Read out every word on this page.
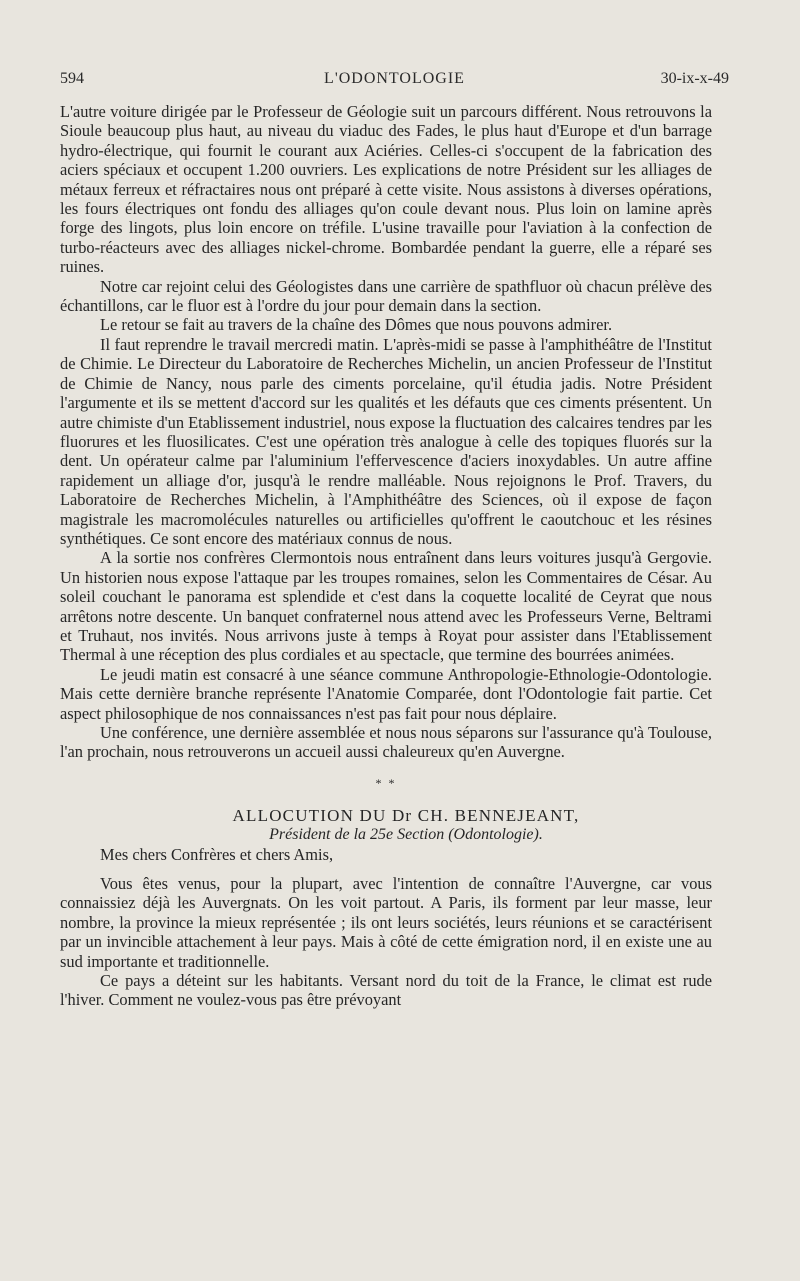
594	L'ODONTOLOGIE	30-ix-x-49

L'autre voiture dirigée par le Professeur de Géologie suit un parcours différent. Nous retrouvons la Sioule beaucoup plus haut, au niveau du viaduc des Fades, le plus haut d'Europe et d'un barrage hydro-électrique, qui fournit le courant aux Aciéries. Celles-ci s'occupent de la fabrication des aciers spéciaux et occupent 1.200 ouvriers. Les explications de notre Président sur les alliages de métaux ferreux et réfractaires nous ont préparé à cette visite. Nous assistons à diverses opérations, les fours électriques ont fondu des alliages qu'on coule devant nous. Plus loin on lamine après forge des lingots, plus loin encore on tréfile. L'usine travaille pour l'aviation à la confection de turbo-réacteurs avec des alliages nickel-chrome. Bombardée pendant la guerre, elle a réparé ses ruines.

Notre car rejoint celui des Géologistes dans une carrière de spathfluor où chacun prélève des échantillons, car le fluor est à l'ordre du jour pour demain dans la section.

Le retour se fait au travers de la chaîne des Dômes que nous pouvons admirer.

Il faut reprendre le travail mercredi matin. L'après-midi se passe à l'amphithéâtre de l'Institut de Chimie. Le Directeur du Laboratoire de Recherches Michelin, un ancien Professeur de l'Institut de Chimie de Nancy, nous parle des ciments porcelaine, qu'il étudia jadis. Notre Président l'argumente et ils se mettent d'accord sur les qualités et les défauts que ces ciments présentent. Un autre chimiste d'un Etablissement industriel, nous expose la fluctuation des calcaires tendres par les fluorures et les fluosilicates. C'est une opération très analogue à celle des topiques fluorés sur la dent. Un opérateur calme par l'aluminium l'effervescence d'aciers inoxydables. Un autre affine rapidement un alliage d'or, jusqu'à le rendre malléable. Nous rejoignons le Prof. Travers, du Laboratoire de Recherches Michelin, à l'Amphithéâtre des Sciences, où il expose de façon magistrale les macromolécules naturelles ou artificielles qu'offrent le caoutchouc et les résines synthétiques. Ce sont encore des matériaux connus de nous.

A la sortie nos confrères Clermontois nous entraînent dans leurs voitures jusqu'à Gergovie. Un historien nous expose l'attaque par les troupes romaines, selon les Commentaires de César. Au soleil couchant le panorama est splendide et c'est dans la coquette localité de Ceyrat que nous arrêtons notre descente. Un banquet confraternel nous attend avec les Professeurs Verne, Beltrami et Truhaut, nos invités. Nous arrivons juste à temps à Royat pour assister dans l'Etablissement Thermal à une réception des plus cordiales et au spectacle, que termine des bourrées animées.

Le jeudi matin est consacré à une séance commune Anthropologie-Ethnologie-Odontologie. Mais cette dernière branche représente l'Anatomie Comparée, dont l'Odontologie fait partie. Cet aspect philosophique de nos connaissances n'est pas fait pour nous déplaire.

Une conférence, une dernière assemblée et nous nous séparons sur l'assurance qu'à Toulouse, l'an prochain, nous retrouverons un accueil aussi chaleureux qu'en Auvergne.

* *

ALLOCUTION DU Dr CH. BENNEJEANT,

Président de la 25e Section (Odontologie).

Mes chers Confrères et chers Amis,

Vous êtes venus, pour la plupart, avec l'intention de connaître l'Auvergne, car vous connaissiez déjà les Auvergnats. On les voit partout. A Paris, ils forment par leur masse, leur nombre, la province la mieux représentée ; ils ont leurs sociétés, leurs réunions et se caractérisent par un invincible attachement à leur pays. Mais à côté de cette émigration nord, il en existe une au sud importante et traditionnelle.

Ce pays a déteint sur les habitants. Versant nord du toit de la France, le climat est rude l'hiver. Comment ne voulez-vous pas être prévoyant
